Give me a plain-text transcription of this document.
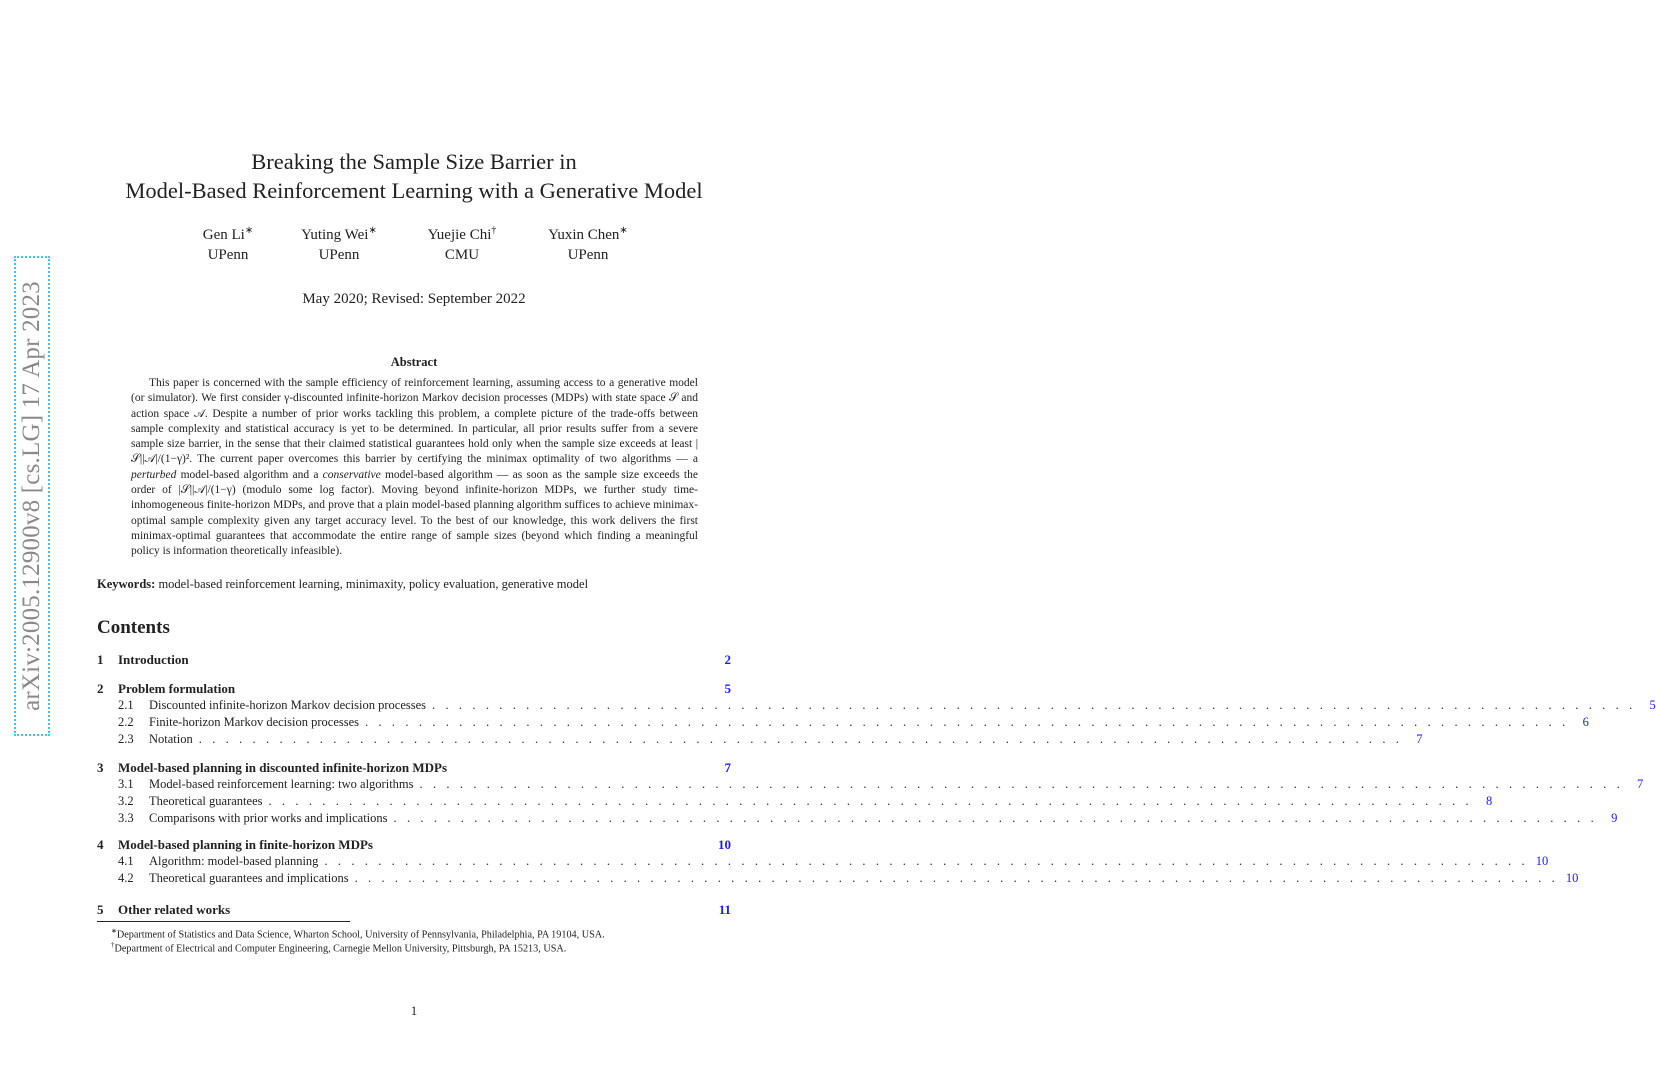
arXiv:2005.12900v8 [cs.LG] 17 Apr 2023
Breaking the Sample Size Barrier in
Model-Based Reinforcement Learning with a Generative Model
Gen Li∗
UPenn
Yuting Wei∗
UPenn
Yuejie Chi†
CMU
Yuxin Chen∗
UPenn
May 2020; Revised: September 2022
Abstract

This paper is concerned with the sample efficiency of reinforcement learning, assuming access to a generative model (or simulator). We first consider γ-discounted infinite-horizon Markov decision processes (MDPs) with state space 𝒮 and action space 𝒜. Despite a number of prior works tackling this problem, a complete picture of the trade-offs between sample complexity and statistical accuracy is yet to be determined. In particular, all prior results suffer from a severe sample size barrier, in the sense that their claimed statistical guarantees hold only when the sample size exceeds at least |𝒮||𝒜|/(1−γ)². The current paper overcomes this barrier by certifying the minimax optimality of two algorithms — a perturbed model-based algorithm and a conservative model-based algorithm — as soon as the sample size exceeds the order of |𝒮||𝒜|/(1−γ) (modulo some log factor). Moving beyond infinite-horizon MDPs, we further study time-inhomogeneous finite-horizon MDPs, and prove that a plain model-based planning algorithm suffices to achieve minimax-optimal sample complexity given any target accuracy level. To the best of our knowledge, this work delivers the first minimax-optimal guarantees that accommodate the entire range of sample sizes (beyond which finding a meaningful policy is information theoretically infeasible).

Keywords: model-based reinforcement learning, minimaxity, policy evaluation, generative model
Contents
1	Introduction	2
2	Problem formulation	5
2.1	Discounted infinite-horizon Markov decision processes . . . . . . . . . . . . . . . . . . . . . . . . . . . . . . . . . . . . . . . . . . . . . . . . . . . . . . . . . . . . . . . . . . . . . . . . . . . . . . . . . . . . . . . . . .	5
2.2	Finite-horizon Markov decision processes . . . . . . . . . . . . . . . . . . . . . . . . . . . . . . . . . . . . . . . . . . . . . . . . . . . . . . . . . . . . . . . . . . . . . . . . . . . . . . . . . . . . . . . . . .	6
2.3	Notation . . . . . . . . . . . . . . . . . . . . . . . . . . . . . . . . . . . . . . . . . . . . . . . . . . . . . . . . . . . . . . . . . . . . . . . . . . . . . . . . . . . . . . . . . .	7
3	Model-based planning in discounted infinite-horizon MDPs	7
3.1	Model-based reinforcement learning: two algorithms . . . . . . . . . . . . . . . . . . . . . . . . . . . . . . . . . . . . . . . . . . . . . . . . . . . . . . . . . . . . . . . . . . . . . . . . . . . . . . . . . . . . . . . . . .	7
3.2	Theoretical guarantees . . . . . . . . . . . . . . . . . . . . . . . . . . . . . . . . . . . . . . . . . . . . . . . . . . . . . . . . . . . . . . . . . . . . . . . . . . . . . . . . . . . . . . . . . .	8
3.3	Comparisons with prior works and implications . . . . . . . . . . . . . . . . . . . . . . . . . . . . . . . . . . . . . . . . . . . . . . . . . . . . . . . . . . . . . . . . . . . . . . . . . . . . . . . . . . . . . . . . . .	9
4	Model-based planning in finite-horizon MDPs	10
4.1	Algorithm: model-based planning . . . . . . . . . . . . . . . . . . . . . . . . . . . . . . . . . . . . . . . . . . . . . . . . . . . . . . . . . . . . . . . . . . . . . . . . . . . . . . . . . . . . . . . . . . 10
4.2	Theoretical guarantees and implications . . . . . . . . . . . . . . . . . . . . . . . . . . . . . . . . . . . . . . . . . . . . . . . . . . . . . . . . . . . . . . . . . . . . . . . . . . . . . . . . . . . . . . . . . . 10
5	Other related works	11
∗Department of Statistics and Data Science, Wharton School, University of Pennsylvania, Philadelphia, PA 19104, USA.
†Department of Electrical and Computer Engineering, Carnegie Mellon University, Pittsburgh, PA 15213, USA.
1
